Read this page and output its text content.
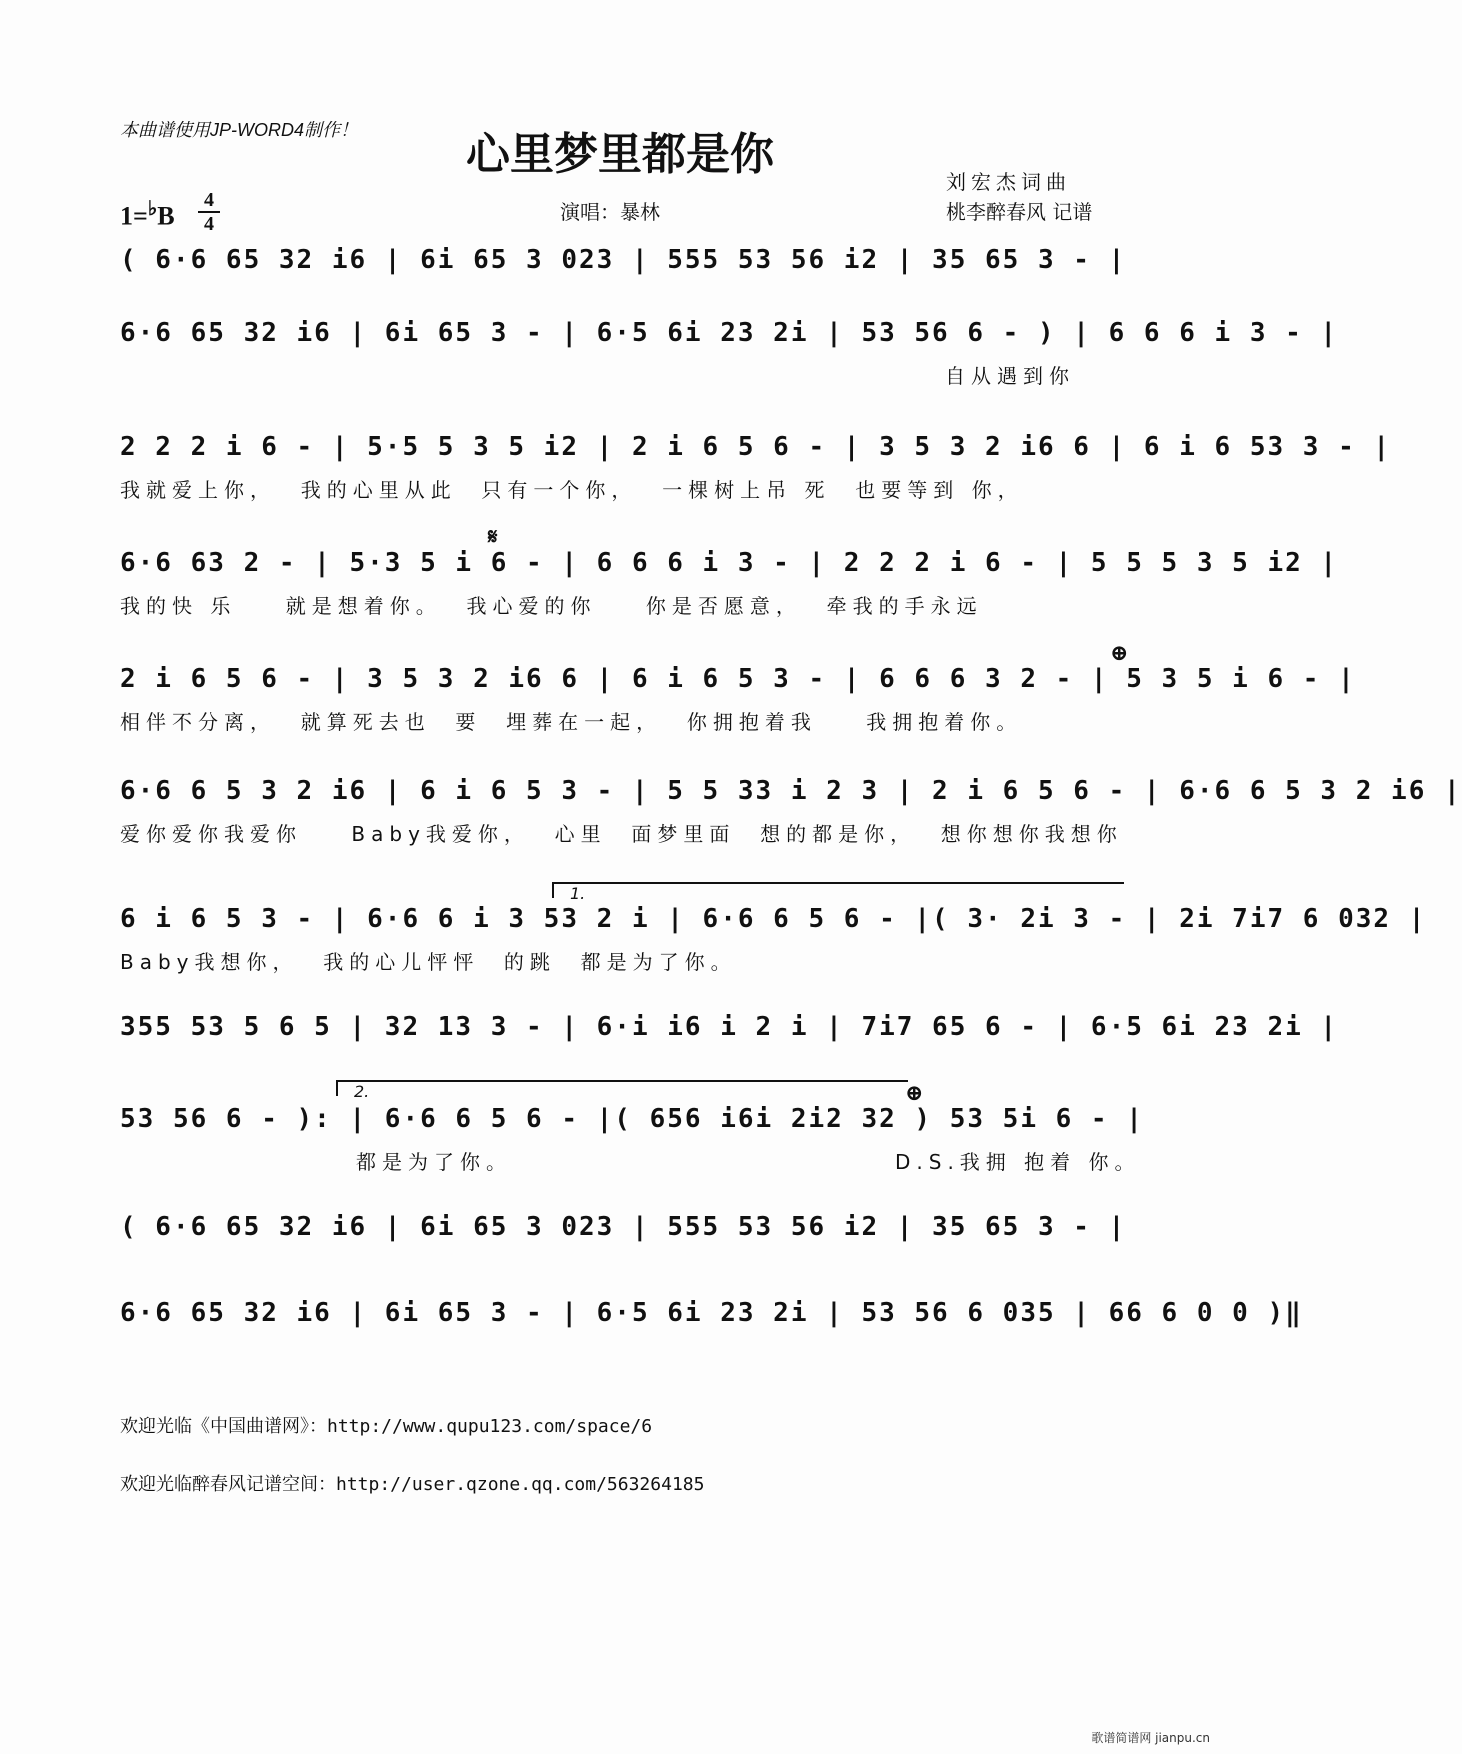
本曲谱使用JP-WORD4制作！	心里梦里都是你
1=♭B
4
4	演唱：暴林
刘宏杰词曲
桃李醉春风 记谱
( 6·6 65 32 i6 | 6i 65 3 023 | 555 53 56 i2 | 35 65 3 - |
6·6 65 32 i6 | 6i 65 3 - | 6·5 6i 23 2i | 53 56 6 - ) | 6 6 6 i 3 - |
自从遇到你
2 2 2 i 6 - | 5·5 5 3 5 i2 | 2 i 6 5 6 - | 3 5 3 2 i6 6 | 6 i 6 53 3 - |
我就爱上你，  我的心里从此  只有一个你，  一棵树上吊 死  也要等到 你，
𝄋
6·6 63 2 - | 5·3 5 i 6 - | 6 6 6 i 3 - | 2 2 2 i 6 - | 5 5 5 3 5 i2 |
我的快 乐    就是想着你。  我心爱的你    你是否愿意，  牵我的手永远
⊕
2 i 6 5 6 - | 3 5 3 2 i6 6 | 6 i 6 5 3 - | 6 6 6 3 2 - | 5 3 5 i 6 - |
相伴不分离，  就算死去也  要  埋葬在一起，  你拥抱着我    我拥抱着你。
6·6 6 5 3 2 i6 | 6 i 6 5 3 - | 5 5 33 i 2 3 | 2 i 6 5 6 - | 6·6 6 5 3 2 i6 |
爱你爱你我爱你    Baby我爱你，  心里  面梦里面  想的都是你，  想你想你我想你
1.
6 i 6 5 3 - | 6·6 6 i 3 53 2 i | 6·6 6 5 6 - |( 3· 2i 3 - | 2i 7i7 6 032 |
Baby我想你，  我的心儿怦怦  的跳  都是为了你。
355 53 5 6 5 | 32 13 3 - | 6·i i6 i 2 i | 7i7 65 6 - | 6·5 6i 23 2i |
2.	⊕
53 56 6 - ): | 6·6 6 5 6 - |( 656 i6i 2i2 32 ) 53 5i 6 - |
都是为了你。	D.S.我拥 抱着 你。
( 6·6 65 32 i6 | 6i 65 3 023 | 555 53 56 i2 | 35 65 3 - |
6·6 65 32 i6 | 6i 65 3 - | 6·5 6i 23 2i | 53 56 6 035 | 66 6 0 0 )‖
欢迎光临《中国曲谱网》：http://www.qupu123.com/space/6
欢迎光临醉春风记谱空间：http://user.qzone.qq.com/563264185
歌谱简谱网 jianpu.cn
